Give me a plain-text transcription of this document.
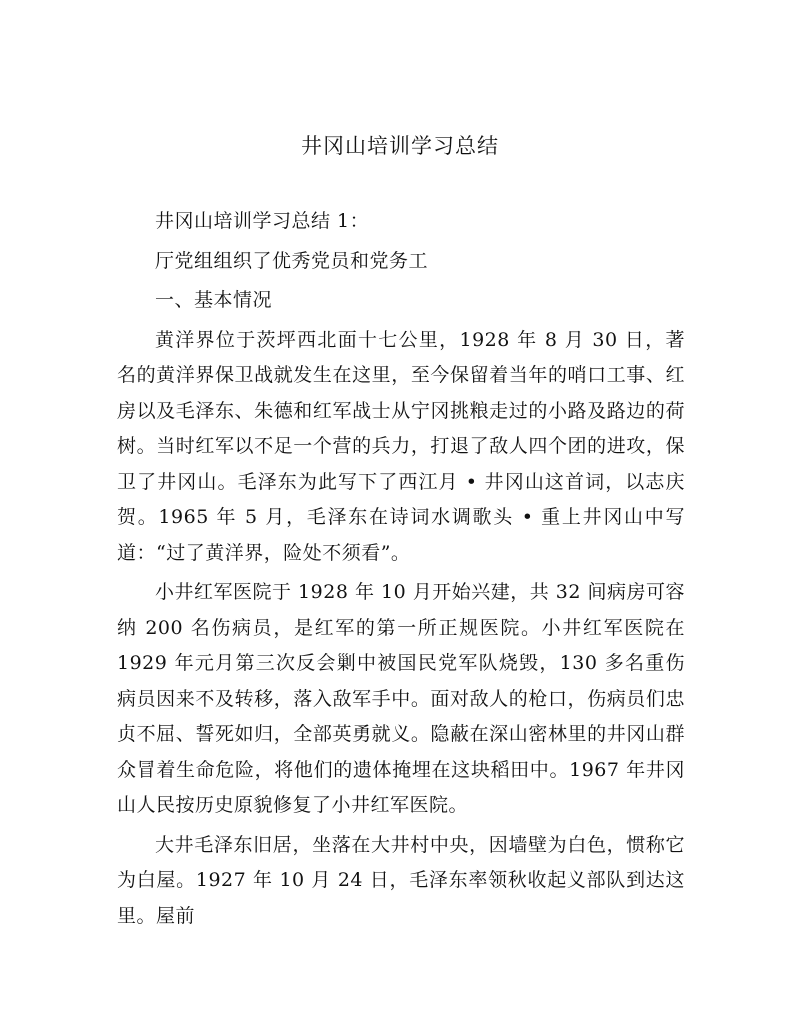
井冈山培训学习总结

井冈山培训学习总结 1：

厅党组组织了优秀党员和党务工

一、基本情况

黄洋界位于茨坪西北面十七公里，1928 年 8 月 30 日，著名的黄洋界保卫战就发生在这里，至今保留着当年的哨口工事、红房以及毛泽东、朱德和红军战士从宁冈挑粮走过的小路及路边的荷树。当时红军以不足一个营的兵力，打退了敌人四个团的进攻，保卫了井冈山。毛泽东为此写下了西江月 • 井冈山这首词，以志庆贺。1965 年 5 月，毛泽东在诗词水调歌头 • 重上井冈山中写道：“过了黄洋界，险处不须看”。

小井红军医院于 1928 年 10 月开始兴建，共 32 间病房可容纳 200 名伤病员，是红军的第一所正规医院。小井红军医院在 1929 年元月第三次反会剿中被国民党军队烧毁，130 多名重伤病员因来不及转移，落入敌军手中。面对敌人的枪口，伤病员们忠贞不屈、誓死如归，全部英勇就义。隐蔽在深山密林里的井冈山群众冒着生命危险，将他们的遗体掩埋在这块稻田中。1967 年井冈山人民按历史原貌修复了小井红军医院。

大井毛泽东旧居，坐落在大井村中央，因墙壁为白色，惯称它为白屋。1927 年 10 月 24 日，毛泽东率领秋收起义部队到达这里。屋前
